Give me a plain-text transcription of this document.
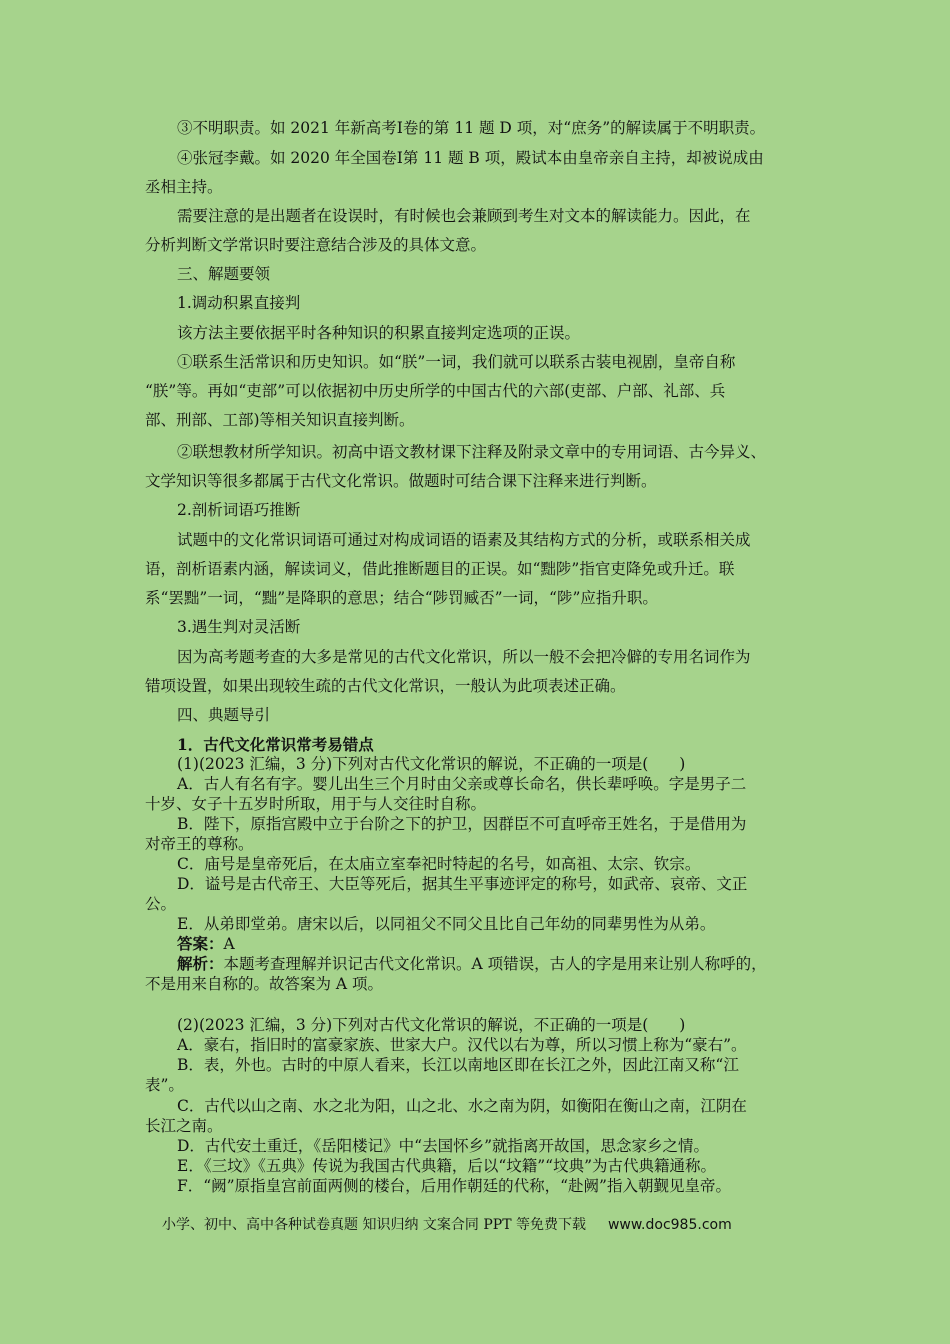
③不明职责。如 2021 年新高考Ⅰ卷的第 11 题 D 项，对“庶务”的解读属于不明职责。
④张冠李戴。如 2020 年全国卷Ⅰ第 11 题 B 项，殿试本由皇帝亲自主持，却被说成由
丞相主持。
需要注意的是出题者在设误时，有时候也会兼顾到考生对文本的解读能力。因此，在
分析判断文学常识时要注意结合涉及的具体文意。
三、解题要领
1.调动积累直接判
该方法主要依据平时各种知识的积累直接判定选项的正误。
①联系生活常识和历史知识。如“朕”一词，我们就可以联系古装电视剧，皇帝自称
“朕”等。再如“吏部”可以依据初中历史所学的中国古代的六部(吏部、户部、礼部、兵
部、刑部、工部)等相关知识直接判断。
②联想教材所学知识。初高中语文教材课下注释及附录文章中的专用词语、古今异义、
文学知识等很多都属于古代文化常识。做题时可结合课下注释来进行判断。
2.剖析词语巧推断
试题中的文化常识词语可通过对构成词语的语素及其结构方式的分析，或联系相关成
语，剖析语素内涵，解读词义，借此推断题目的正误。如“黜陟”指官吏降免或升迁。联
系“罢黜”一词，“黜”是降职的意思；结合“陟罚臧否”一词，“陟”应指升职。
3.遇生判对灵活断
因为高考题考查的大多是常见的古代文化常识，所以一般不会把冷僻的专用名词作为
错项设置，如果出现较生疏的古代文化常识，一般认为此项表述正确。
四、典题导引
1．古代文化常识常考易错点
(1)(2023 汇编，3 分)下列对古代文化常识的解说，不正确的一项是(　　)
A．古人有名有字。婴儿出生三个月时由父亲或尊长命名，供长辈呼唤。字是男子二
十岁、女子十五岁时所取，用于与人交往时自称。
B．陛下，原指宫殿中立于台阶之下的护卫，因群臣不可直呼帝王姓名，于是借用为
对帝王的尊称。
C．庙号是皇帝死后，在太庙立室奉祀时特起的名号，如高祖、太宗、钦宗。
D．谥号是古代帝王、大臣等死后，据其生平事迹评定的称号，如武帝、哀帝、文正
公。
E．从弟即堂弟。唐宋以后，以同祖父不同父且比自己年幼的同辈男性为从弟。
答案：A
解析：本题考查理解并识记古代文化常识。A 项错误，古人的字是用来让别人称呼的，
不是用来自称的。故答案为 A 项。
(2)(2023 汇编，3 分)下列对古代文化常识的解说，不正确的一项是(　　)
A．豪右，指旧时的富豪家族、世家大户。汉代以右为尊，所以习惯上称为“豪右”。
B．表，外也。古时的中原人看来，长江以南地区即在长江之外，因此江南又称“江
表”。
C．古代以山之南、水之北为阳，山之北、水之南为阴，如衡阳在衡山之南，江阴在
长江之南。
D．古代安土重迁，《岳阳楼记》中“去国怀乡”就指离开故国，思念家乡之情。
E．《三坟》《五典》传说为我国古代典籍，后以“坟籍”“坟典”为古代典籍通称。
F．“阙”原指皇宫前面两侧的楼台，后用作朝廷的代称，“赴阙”指入朝觐见皇帝。
小学、初中、高中各种试卷真题 知识归纳 文案合同 PPT 等免费下载 www.doc985.com
